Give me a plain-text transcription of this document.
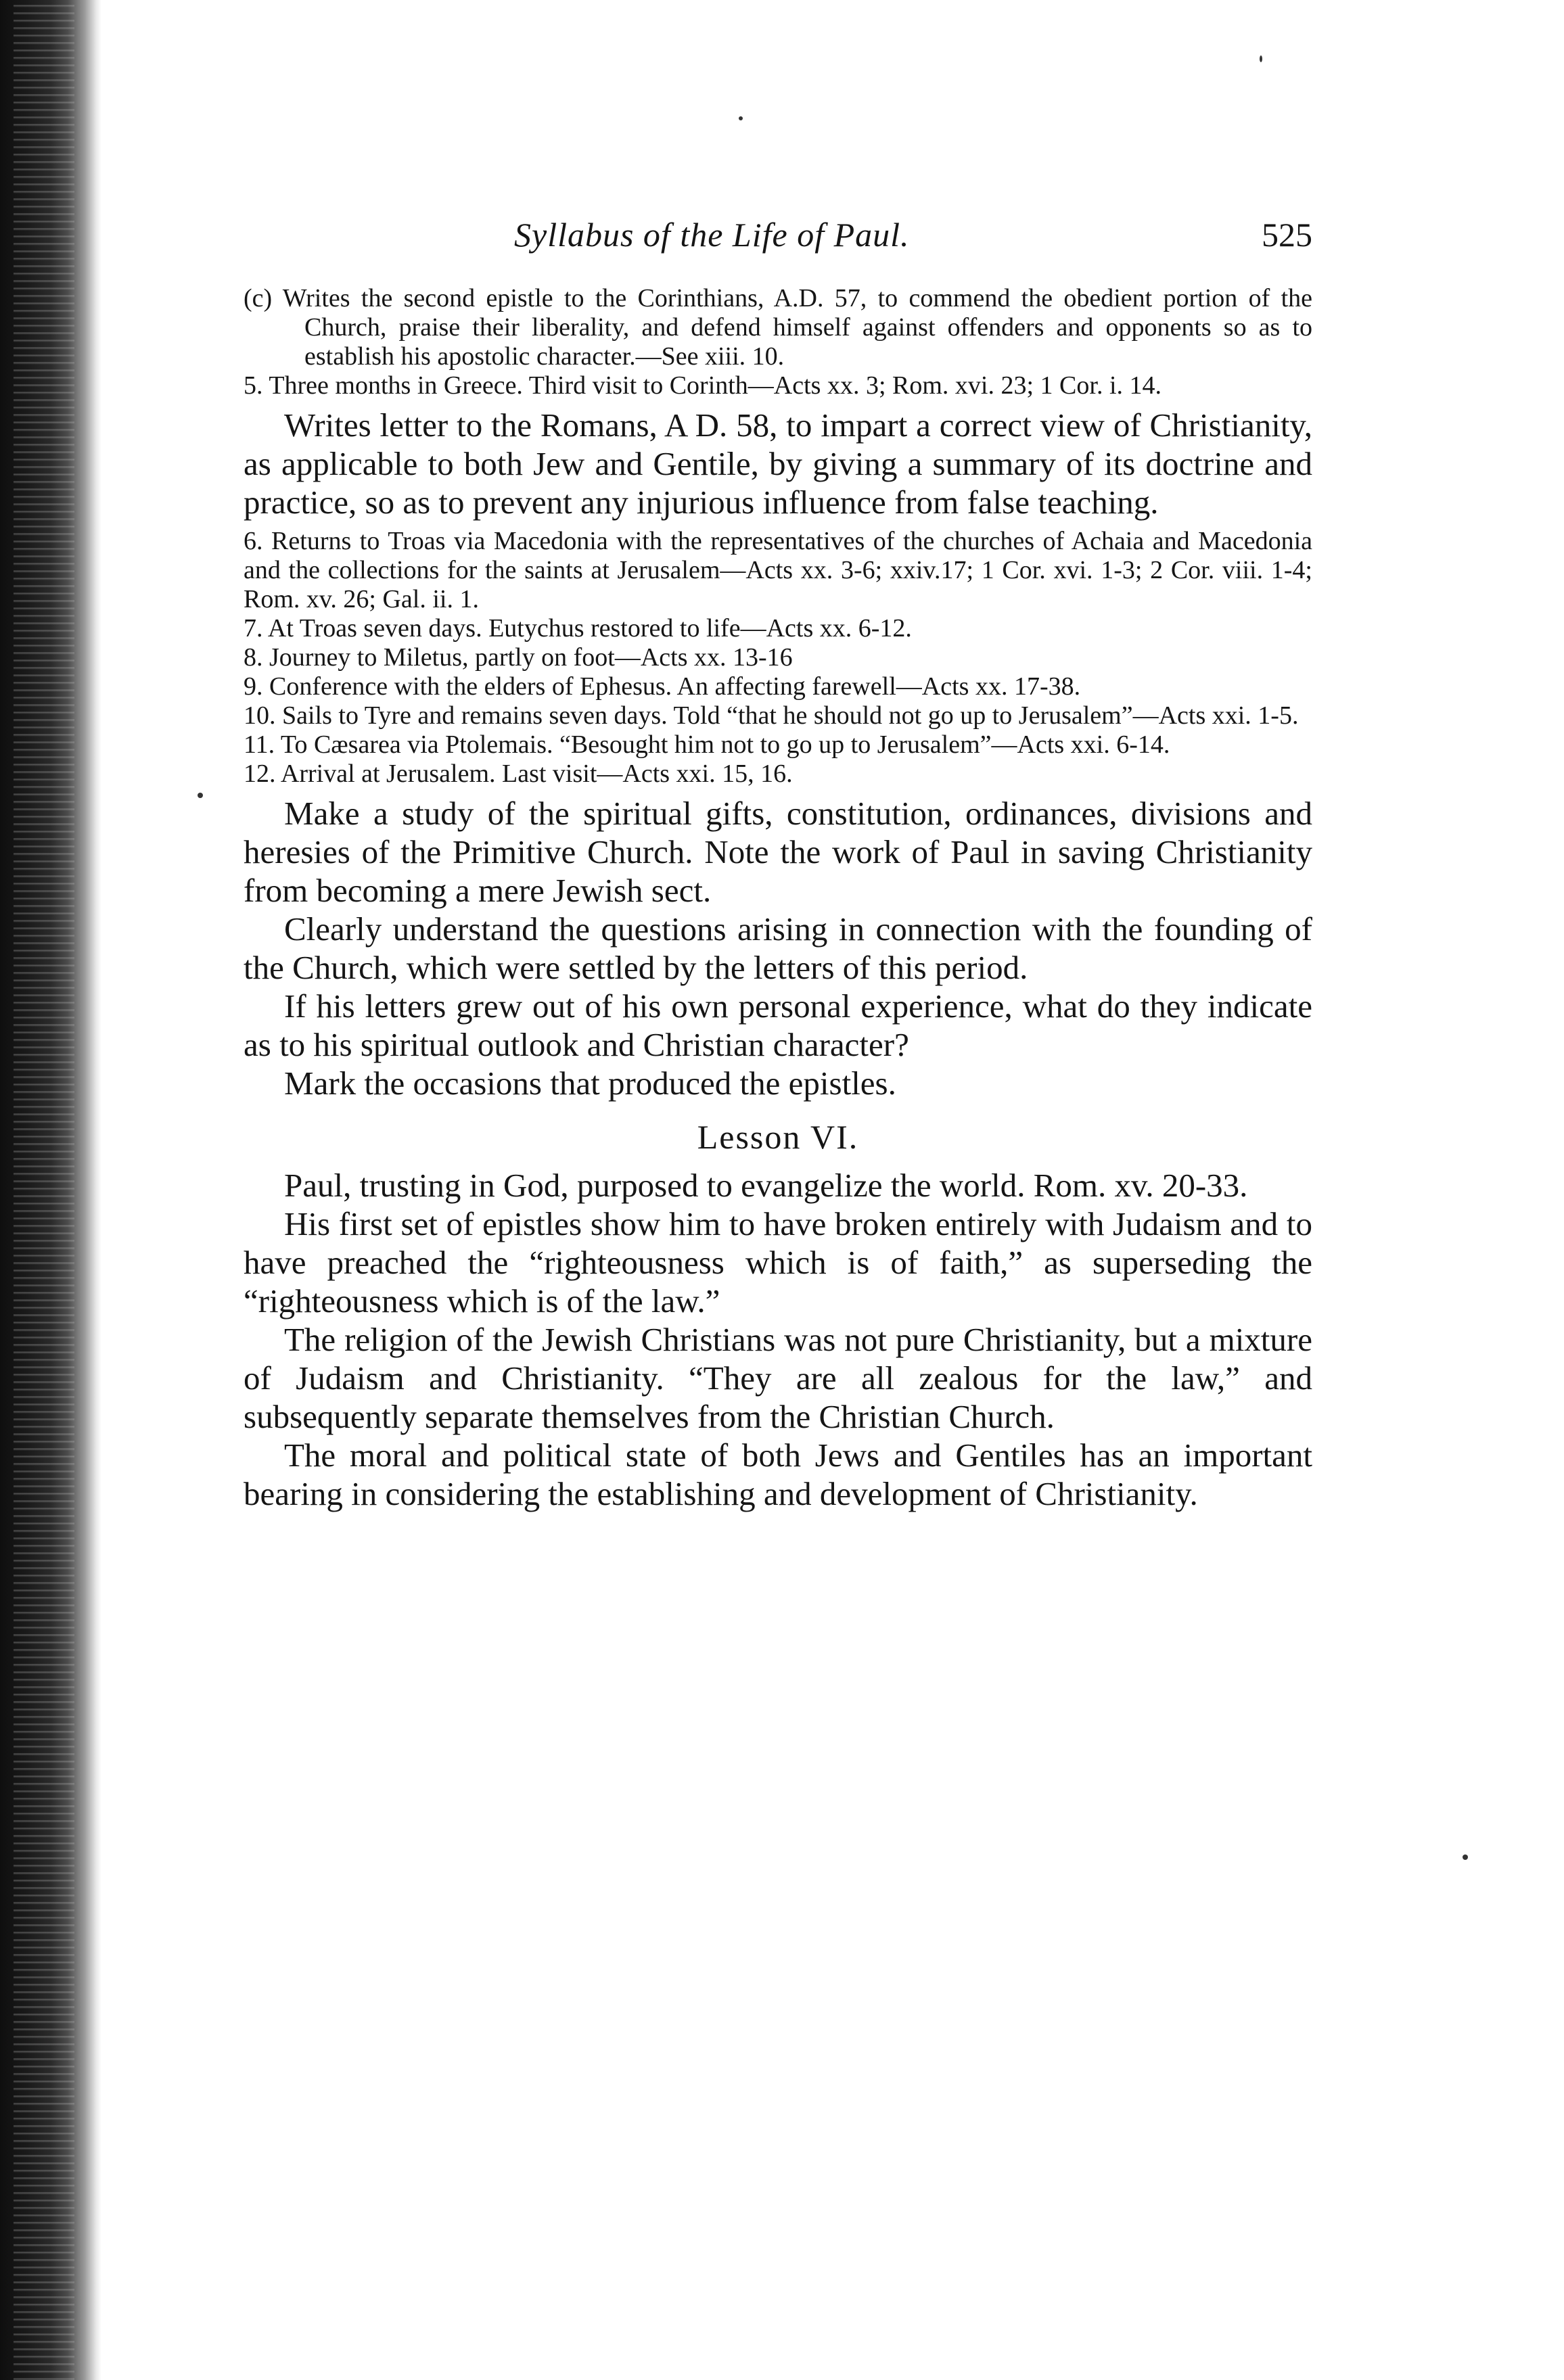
Syllabus of the Life of Paul.	525
(c) Writes the second epistle to the Corinthians, A.D. 57, to commend the obedient portion of the Church, praise their liberality, and defend himself against offenders and opponents so as to establish his apostolic character.—See xiii. 10.
5. Three months in Greece. Third visit to Corinth—Acts xx. 3; Rom. xvi. 23; 1 Cor. i. 14.
Writes letter to the Romans, A D. 58, to impart a correct view of Christianity, as applicable to both Jew and Gentile, by giving a summary of its doctrine and practice, so as to prevent any injurious influence from false teaching.
6. Returns to Troas via Macedonia with the representatives of the churches of Achaia and Macedonia and the collections for the saints at Jerusalem—Acts xx. 3-6; xxiv.17; 1 Cor. xvi. 1-3; 2 Cor. viii. 1-4; Rom. xv. 26; Gal. ii. 1.
7. At Troas seven days. Eutychus restored to life—Acts xx. 6-12.
8. Journey to Miletus, partly on foot—Acts xx. 13-16
9. Conference with the elders of Ephesus. An affecting farewell—Acts xx. 17-38.
10. Sails to Tyre and remains seven days. Told “that he should not go up to Jerusalem”—Acts xxi. 1-5.
11. To Cæsarea via Ptolemais. “Besought him not to go up to Jerusalem”—Acts xxi. 6-14.
12. Arrival at Jerusalem. Last visit—Acts xxi. 15, 16.
Make a study of the spiritual gifts, constitution, ordinances, divisions and heresies of the Primitive Church. Note the work of Paul in saving Christianity from becoming a mere Jewish sect.
Clearly understand the questions arising in connection with the founding of the Church, which were settled by the letters of this period.
If his letters grew out of his own personal experience, what do they indicate as to his spiritual outlook and Christian character?
Mark the occasions that produced the epistles.
Lesson VI.
Paul, trusting in God, purposed to evangelize the world. Rom. xv. 20-33.
His first set of epistles show him to have broken entirely with Judaism and to have preached the “righteousness which is of faith,” as superseding the “righteousness which is of the law.”
The religion of the Jewish Christians was not pure Christianity, but a mixture of Judaism and Christianity. “They are all zealous for the law,” and subsequently separate themselves from the Christian Church.
The moral and political state of both Jews and Gentiles has an important bearing in considering the establishing and development of Christianity.
